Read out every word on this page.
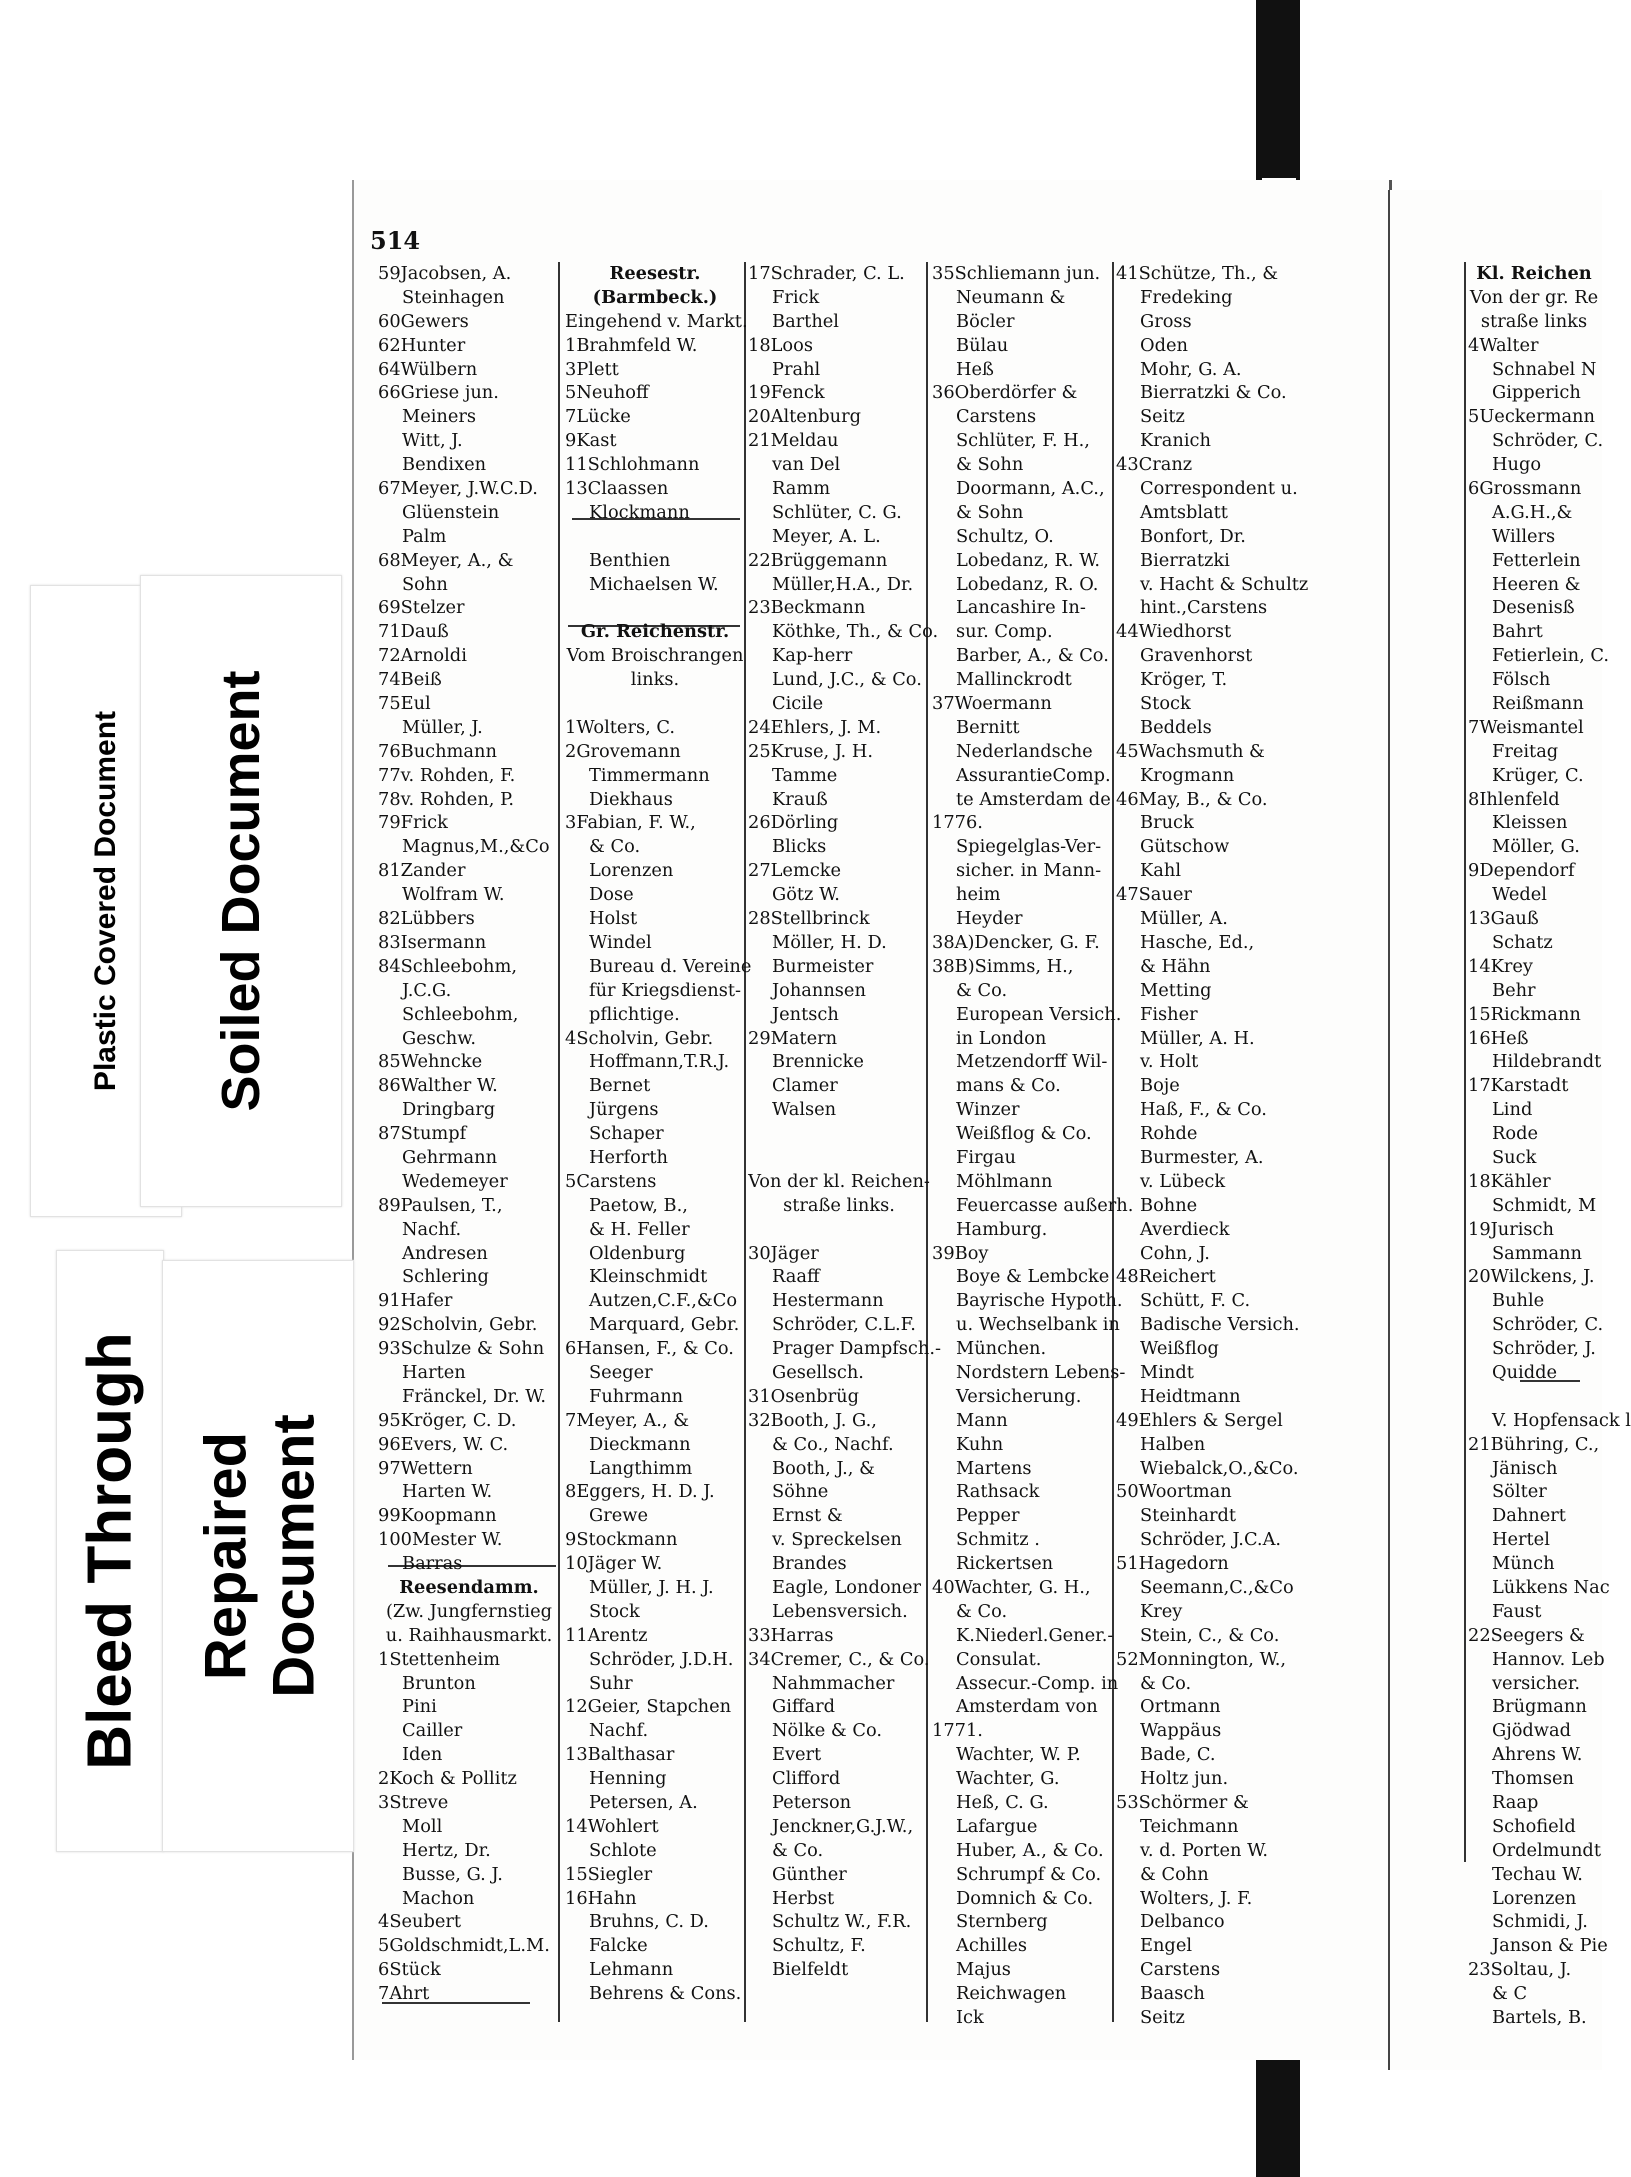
Plastic Covered Document Soiled Document
Bleed Through Repaired Document
514
59Jacobsen, A.
Steinhagen
60Gewers
62Hunter
64Wülbern
66Griese jun.
Meiners
Witt, J.
Bendixen
67Meyer, J.W.C.D.
Glüenstein
Palm
68Meyer, A., &
Sohn
69Stelzer
71Dauß
72Arnoldi
74Beiß
75Eul
Müller, J.
76Buchmann
77v. Rohden, F.
78v. Rohden, P.
79Frick
Magnus,M.,&Co
81Zander
Wolfram W.
82Lübbers
83Isermann
84Schleebohm,
J.C.G.
Schleebohm,
Geschw.
85Wehncke
86Walther W.
Dringbarg
87Stumpf
Gehrmann
Wedemeyer
89Paulsen, T.,
Nachf.
Andresen
Schlering
91Hafer
92Scholvin, Gebr.
93Schulze & Sohn
Harten
Fränckel, Dr. W.
95Kröger, C. D.
96Evers, W. C.
97Wettern
Harten W.
99Koopmann
100Mester W.
Barras
Reesendamm.
(Zw. Jungfernstieg
u. Raihhausmarkt.
1Stettenheim
Brunton
Pini
Cailler
Iden
2Koch & Pollitz
3Streve
Moll
Hertz, Dr.
Busse, G. J.
Machon
4Seubert
5Goldschmidt,L.M.
6Stück
7Ahrt
Reesestr.
(Barmbeck.)
Eingehend v. Markt.
1Brahmfeld W.
3Plett
5Neuhoff
7Lücke
9Kast
11Schlohmann
13Claassen
Klockmann
Benthien
Michaelsen W.
Gr. Reichenstr.
Vom Broischrangen
links.
1Wolters, C.
2Grovemann
Timmermann
Diekhaus
3Fabian, F. W.,
& Co.
Lorenzen
Dose
Holst
Windel
Bureau d. Vereine
für Kriegsdienst-
pflichtige.
4Scholvin, Gebr.
Hoffmann,T.R.J.
Bernet
Jürgens
Schaper
Herforth
5Carstens
Paetow, B.,
& H. Feller
Oldenburg
Kleinschmidt
Autzen,C.F.,&Co
Marquard, Gebr.
6Hansen, F., & Co.
Seeger
Fuhrmann
7Meyer, A., &
Dieckmann
Langthimm
8Eggers, H. D. J.
Grewe
9Stockmann
10Jäger W.
Müller, J. H. J.
Stock
11Arentz
Schröder, J.D.H.
Suhr
12Geier, Stapchen
Nachf.
13Balthasar
Henning
Petersen, A.
14Wohlert
Schlote
15Siegler
16Hahn
Bruhns, C. D.
Falcke
Lehmann
Behrens & Cons.
17Schrader, C. L.
Frick
Barthel
18Loos
Prahl
19Fenck
20Altenburg
21Meldau
van Del
Ramm
Schlüter, C. G.
Meyer, A. L.
22Brüggemann
Müller,H.A., Dr.
23Beckmann
Köthke, Th., & Co.
Kap-herr
Lund, J.C., & Co.
Cicile
24Ehlers, J. M.
25Kruse, J. H.
Tamme
Krauß
26Dörling
Blicks
27Lemcke
Götz W.
28Stellbrinck
Möller, H. D.
Burmeister
Johannsen
Jentsch
29Matern
Brennicke
Clamer
Walsen
Von der kl. Reichen-
straße links.
30Jäger
Raaff
Hestermann
Schröder, C.L.F.
Prager Dampfsch.-
Gesellsch.
31Osenbrüg
32Booth, J. G.,
& Co., Nachf.
Booth, J., &
Söhne
Ernst &
v. Spreckelsen
Brandes
Eagle, Londoner
Lebensversich.
33Harras
34Cremer, C., & Co.
Nahmmacher
Giffard
Nölke & Co.
Evert
Clifford
Peterson
Jenckner,G.J.W.,
& Co.
Günther
Herbst
Schultz W., F.R.
Schultz, F.
Bielfeldt
35Schliemann jun.
Neumann &
Böcler
Bülau
Heß
36Oberdörfer &
Carstens
Schlüter, F. H.,
& Sohn
Doormann, A.C.,
& Sohn
Schultz, O.
Lobedanz, R. W.
Lobedanz, R. O.
Lancashire In-
sur. Comp.
Barber, A., & Co.
Mallinckrodt
37Woermann
Bernitt
Nederlandsche
AssurantieComp.
te Amsterdam de
1776.
Spiegelglas-Ver-
sicher. in Mann-
heim
Heyder
38A)Dencker, G. F.
38B)Simms, H.,
& Co.
European Versich.
in London
Metzendorff Wil-
mans & Co.
Winzer
Weißflog & Co.
Firgau
Möhlmann
Feuercasse außerh.
Hamburg.
39Boy
Boye & Lembcke
Bayrische Hypoth.
u. Wechselbank in
München.
Nordstern Lebens-
Versicherung.
Mann
Kuhn
Martens
Rathsack
Pepper
Schmitz .
Rickertsen
40Wachter, G. H.,
& Co.
K.Niederl.Gener.-
Consulat.
Assecur.-Comp. in
Amsterdam von
1771.
Wachter, W. P.
Wachter, G.
Heß, C. G.
Lafargue
Huber, A., & Co.
Schrumpf & Co.
Domnich & Co.
Sternberg
Achilles
Majus
Reichwagen
Ick
41Schütze, Th., &
Fredeking
Gross
Oden
Mohr, G. A.
Bierratzki & Co.
Seitz
Kranich
43Cranz
Correspondent u.
Amtsblatt
Bonfort, Dr.
Bierratzki
v. Hacht & Schultz
hint.,Carstens
44Wiedhorst
Gravenhorst
Kröger, T.
Stock
Beddels
45Wachsmuth &
Krogmann
46May, B., & Co.
Bruck
Gütschow
Kahl
47Sauer
Müller, A.
Hasche, Ed.,
& Hähn
Metting
Fisher
Müller, A. H.
v. Holt
Boje
Haß, F., & Co.
Rohde
Burmester, A.
v. Lübeck
Bohne
Averdieck
Cohn, J.
48Reichert
Schütt, F. C.
Badische Versich.
Weißflog
Mindt
Heidtmann
49Ehlers & Sergel
Halben
Wiebalck,O.,&Co.
50Woortman
Steinhardt
Schröder, J.C.A.
51Hagedorn
Seemann,C.,&Co
Krey
Stein, C., & Co.
52Monnington, W.,
& Co.
Ortmann
Wappäus
Bade, C.
Holtz jun.
53Schörmer &
Teichmann
v. d. Porten W.
& Cohn
Wolters, J. F.
Delbanco
Engel
Carstens
Baasch
Seitz
Kl. Reichen
Von der gr. Re
straße links
4Walter
Schnabel N
Gipperich
5Ueckermann
Schröder, C.
Hugo
6Grossmann
A.G.H.,&
Willers
Fetterlein
Heeren &
Desenisß
Bahrt
Fetierlein, C.
Fölsch
Reißmann
7Weismantel
Freitag
Krüger, C.
8Ihlenfeld
Kleissen
Möller, G.
9Dependorf
Wedel
13Gauß
Schatz
14Krey
Behr
15Rickmann
16Heß
Hildebrandt
17Karstadt
Lind
Rode
Suck
18Kähler
Schmidt, M
19Jurisch
Sammann
20Wilckens, J.
Buhle
Schröder, C.
Schröder, J.
Quidde
V. Hopfensack l
21Bühring, C.,
Jänisch
Sölter
Dahnert
Hertel
Münch
Lükkens Nac
Faust
22Seegers &
Hannov. Leb
versicher.
Brügmann
Gjödwad
Ahrens W.
Thomsen
Raap
Schofield
Ordelmundt
Techau W.
Lorenzen
Schmidi, J.
Janson & Pie
23Soltau, J.
& C
Bartels, B.
